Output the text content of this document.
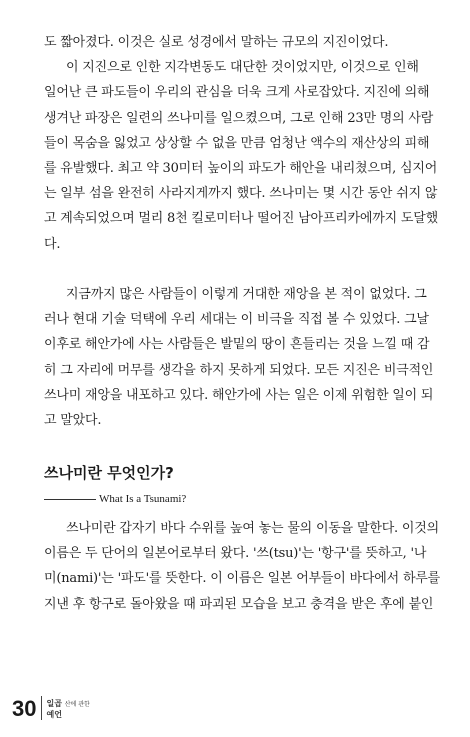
도 짧아졌다. 이것은 실로 성경에서 말하는 규모의 지진이었다.
이 지진으로 인한 지각변동도 대단한 것이었지만, 이것으로 인해
일어난 큰 파도들이 우리의 관심을 더욱 크게 사로잡았다. 지진에 의해
생겨난 파장은 일련의 쓰나미를 일으켰으며, 그로 인해 23만 명의 사람
들이 목숨을 잃었고 상상할 수 없을 만큼 엄청난 액수의 재산상의 피해
를 유발했다. 최고 약 30미터 높이의 파도가 해안을 내리쳤으며, 심지어
는 일부 섬을 완전히 사라지게까지 했다. 쓰나미는 몇 시간 동안 쉬지 않
고 계속되었으며 멀리 8천 킬로미터나 떨어진 남아프리카에까지 도달했
다.

지금까지 많은 사람들이 이렇게 거대한 재앙을 본 적이 없었다. 그
러나 현대 기술 덕택에 우리 세대는 이 비극을 직접 볼 수 있었다. 그날
이후로 해안가에 사는 사람들은 발밑의 땅이 흔들리는 것을 느낄 때 감
히 그 자리에 머무를 생각을 하지 못하게 되었다. 모든 지진은 비극적인
쓰나미 재앙을 내포하고 있다. 해안가에 사는 일은 이제 위험한 일이 되
고 말았다.

쓰나미란 무엇인가?
What Is a Tsunami?

쓰나미란 갑자기 바다 수위를 높여 놓는 물의 이동을 말한다. 이것의
이름은 두 단어의 일본어로부터 왔다. '쓰(tsu)'는 '항구'를 뜻하고, '나
미(nami)'는 '파도'를 뜻한다. 이 이름은 일본 어부들이 바다에서 하루를
지낸 후 항구로 돌아왔을 때 파괴된 모습을 보고 충격을 받은 후에 붙인

30 일곱 산에 관한
예언
